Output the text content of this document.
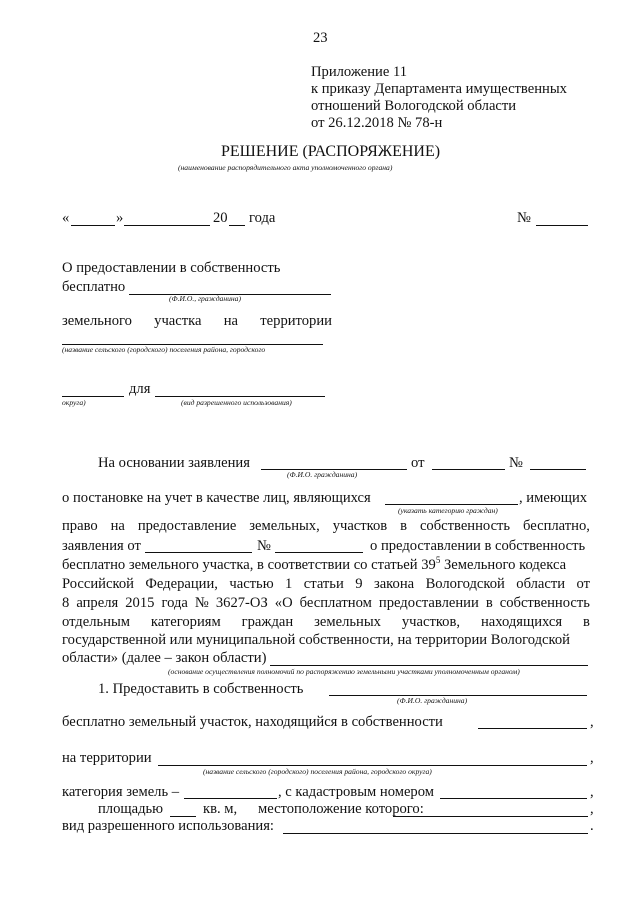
23
Приложение 11
к приказу Департамента имущественных
отношений Вологодской области
от 26.12.2018 № 78-н
РЕШЕНИЕ (РАСПОРЯЖЕНИЕ)
(наименование распорядительного акта уполномоченного органа)
«	»	20 года	№
О предоставлении в собственность
бесплатно
(Ф.И.О., гражданина)
земельного участка на территории
(название сельского (городского) поселения района, городского
для
округа)	(вид разрешенного использования)
На основании заявления	от	№
(Ф.И.О. гражданина)
о постановке на учет в качестве лиц, являющихся	, имеющих
(указать категорию граждан)
право на предоставление земельных, участков в собственность бесплатно,
заявления от	№	о предоставлении в собственность
бесплатно земельного участка, в соответствии со статьей $39^5$ Земельного кодекса
Российской Федерации, частью 1 статьи 9 закона Вологодской области от
8 апреля 2015 года № 3627-ОЗ «О бесплатном предоставлении в собственность
отдельным категориям граждан земельных участков, находящихся в
государственной или муниципальной собственности, на территории Вологодской
области» (далее – закон области)
(основание осуществления полномочий по распоряжению земельными участками уполномоченным органом)
1. Предоставить в собственность
(Ф.И.О. гражданина)
бесплатно земельный участок, находящийся в собственности	,
на территории	,
(название сельского (городского) поселения района, городского округа)
категория земель –	, с кадастровым номером	,
площадью	кв. м, местоположение которого:	,
вид разрешенного использования:	.
